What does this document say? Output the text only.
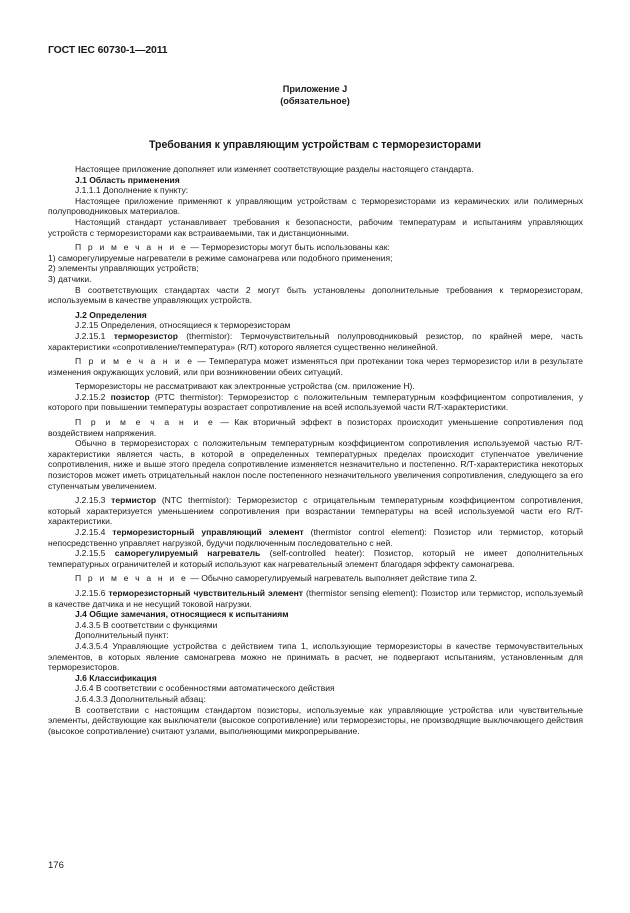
ГОСТ IEC 60730-1—2011
Приложение J
(обязательное)
Требования к управляющим устройствам с терморезисторами

Настоящее приложение дополняет или изменяет соответствующие разделы настоящего стандарта.

J.1 Область применения

J.1.1.1 Дополнение к пункту:

Настоящее приложение применяют к управляющим устройствам с терморезисторами из керамических или полимерных полупроводниковых материалов.

Настоящий стандарт устанавливает требования к безопасности, рабочим температурам и испытаниям управляющих устройств с терморезисторами как встраиваемыми, так и дистанционными.

П р и м е ч а н и е — Терморезисторы могут быть использованы как:

1) саморегулируемые нагреватели в режиме самонагрева или подобного применения;

2) элементы управляющих устройств;

3) датчики.

В соответствующих стандартах части 2 могут быть установлены дополнительные требования к терморезисторам, используемым в качестве управляющих устройств.

J.2 Определения

J.2.15 Определения, относящиеся к терморезисторам

J.2.15.1 терморезистор (thermistor): Термочувствительный полупроводниковый резистор, по крайней мере, часть характеристики «сопротивление/температура» (R/T) которого является существенно нелинейной.

П р и м е ч а н и е — Температура может изменяться при протекании тока через терморезистор или в результате изменения окружающих условий, или при возникновении обеих ситуаций.

Терморезисторы не рассматривают как электронные устройства (см. приложение Н).

J.2.15.2 позистор (PTC thermistor): Терморезистор с положительным температурным коэффициентом сопротивления, у которого при повышении температуры возрастает сопротивление на всей используемой части R/T-характеристики.

П р и м е ч а н и е — Как вторичный эффект в позисторах происходит уменьшение сопротивления под воздействием напряжения.

Обычно в терморезисторах с положительным температурным коэффициентом сопротивления используемой частью R/T-характеристики является часть, в которой в определенных температурных пределах происходит ступенчатое увеличение сопротивления, ниже и выше этого предела сопротивление изменяется незначительно и постепенно. R/T-характеристика некоторых позисторов может иметь отрицательный наклон после постепенного незначительного увеличения сопротивления, следующего за его ступенчатым увеличением.

J.2.15.3 термистор (NTC thermistor): Терморезистор с отрицательным температурным коэффициентом сопротивления, который характеризуется уменьшением сопротивления при возрастании температуры на всей используемой части его R/T-характеристики.

J.2.15.4 терморезисторный управляющий элемент (thermistor control element): Позистор или термистор, который непосредственно управляет нагрузкой, будучи подключенным последовательно с ней.

J.2.15.5 саморегулируемый нагреватель (self-controlled heater): Позистор, который не имеет дополнительных температурных ограничителей и который используют как нагревательный элемент благодаря эффекту самонагрева.

П р и м е ч а н и е — Обычно саморегулируемый нагреватель выполняет действие типа 2.

J.2.15.6 терморезисторный чувствительный элемент (thermistor sensing element): Позистор или термистор, используемый в качестве датчика и не несущий токовой нагрузки.

J.4 Общие замечания, относящиеся к испытаниям

J.4.3.5 В соответствии с функциями

Дополнительный пункт:

J.4.3.5.4 Управляющие устройства с действием типа 1, использующие терморезисторы в качестве термочувствительных элементов, в которых явление самонагрева можно не принимать в расчет, не подвергают испытаниям, установленным для терморезисторов.

J.6 Классификация

J.6.4 В соответствии с особенностями автоматического действия

J.6.4.3.3 Дополнительный абзац:

В соответствии с настоящим стандартом позисторы, используемые как управляющие устройства или чувствительные элементы, действующие как выключатели (высокое сопротивление) или терморезисторы, не производящие выключающего действия (высокое сопротивление) считают узлами, выполняющими микропрерывание.

176
